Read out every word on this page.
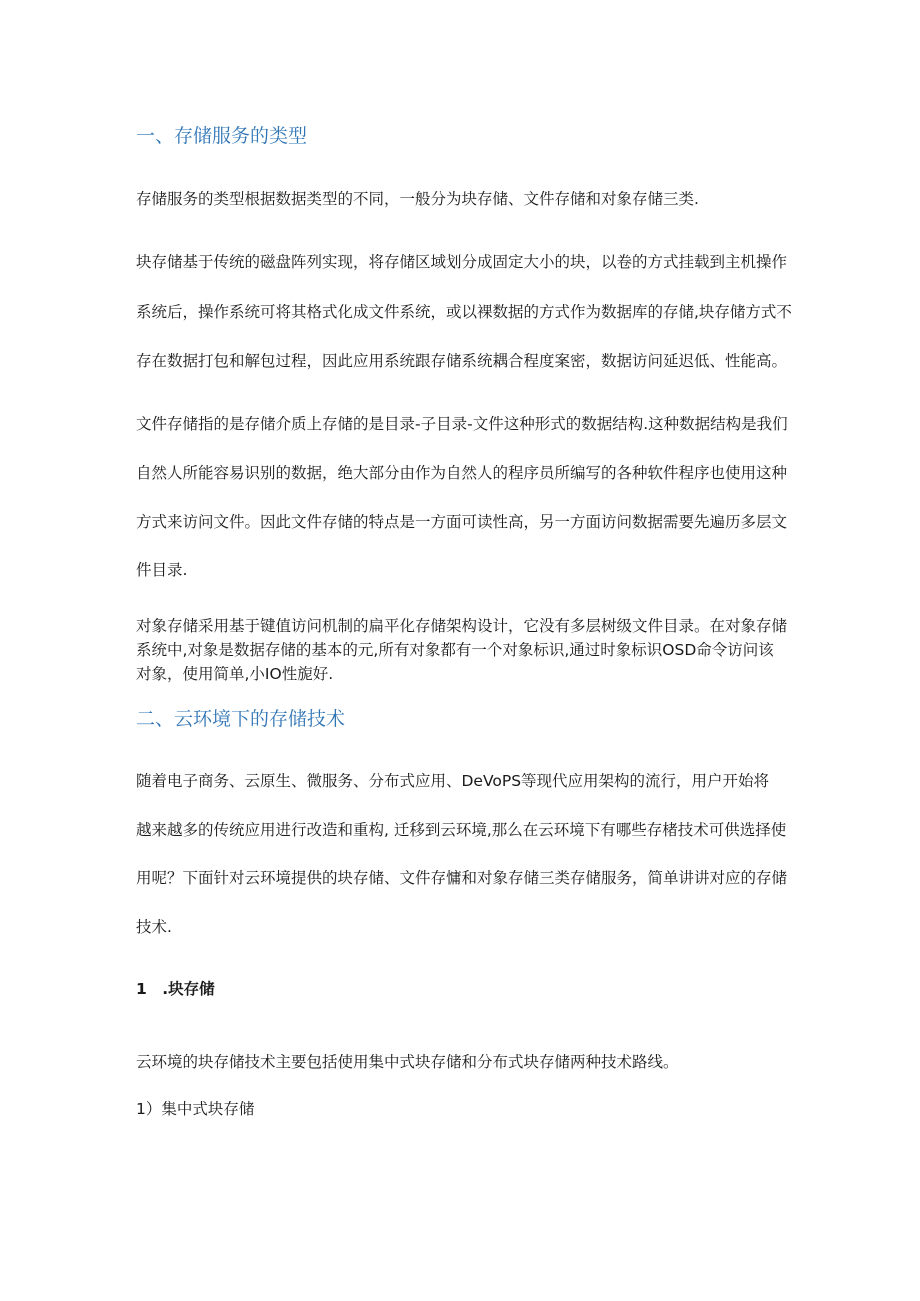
一、存储服务的类型

存储服务的类型根据数据类型的不同，一般分为块存储、文件存储和对象存储三类.

块存储基于传统的磁盘阵列实现，将存储区域划分成固定大小的块，以卷的方式挂载到主机操作

系统后，操作系统可将其格式化成文件系统，或以裸数据的方式作为数据库的存储,块存储方式不

存在数据打包和解包过程，因此应用系统跟存储系统耦合程度案密，数据访问延迟低、性能高。

文件存储指的是存储介质上存储的是目录-子目录-文件这种形式的数据结构.这种数据结构是我们

自然人所能容易识别的数据，绝大部分由作为自然人的程序员所编写的各种软件程序也使用这种

方式来访问文件。因此文件存储的特点是一方面可读性高，另一方面访问数据需要先遍历多层文

件目录.

对象存储采用基于键值访问机制的扁平化存储架构设计，它没有多层树级文件目录。在对象存储

系统中,对象是数据存储的基本的元,所有对象都有一个对象标识,通过时象标识OSD命令访问该

对象，使用简单,小IO性旎好.

二、云环境下的存储技术

随着电子商务、云原生、微服务、分布式应用、DeVoPS等现代应用架构的流行，用户开始将

越来越多的传统应用进行改造和重构, 迁移到云环境,那么在云环境下有哪些存楮技术可供选择使

用呢？下面针对云环境提供的块存储、文件存慵和对象存储三类存储服务，简单讲讲对应的存储

技术.

1　.块存储

云环境的块存储技术主要包括使用集中式块存储和分布式块存储两种技术路线。

1）集中式块存储
